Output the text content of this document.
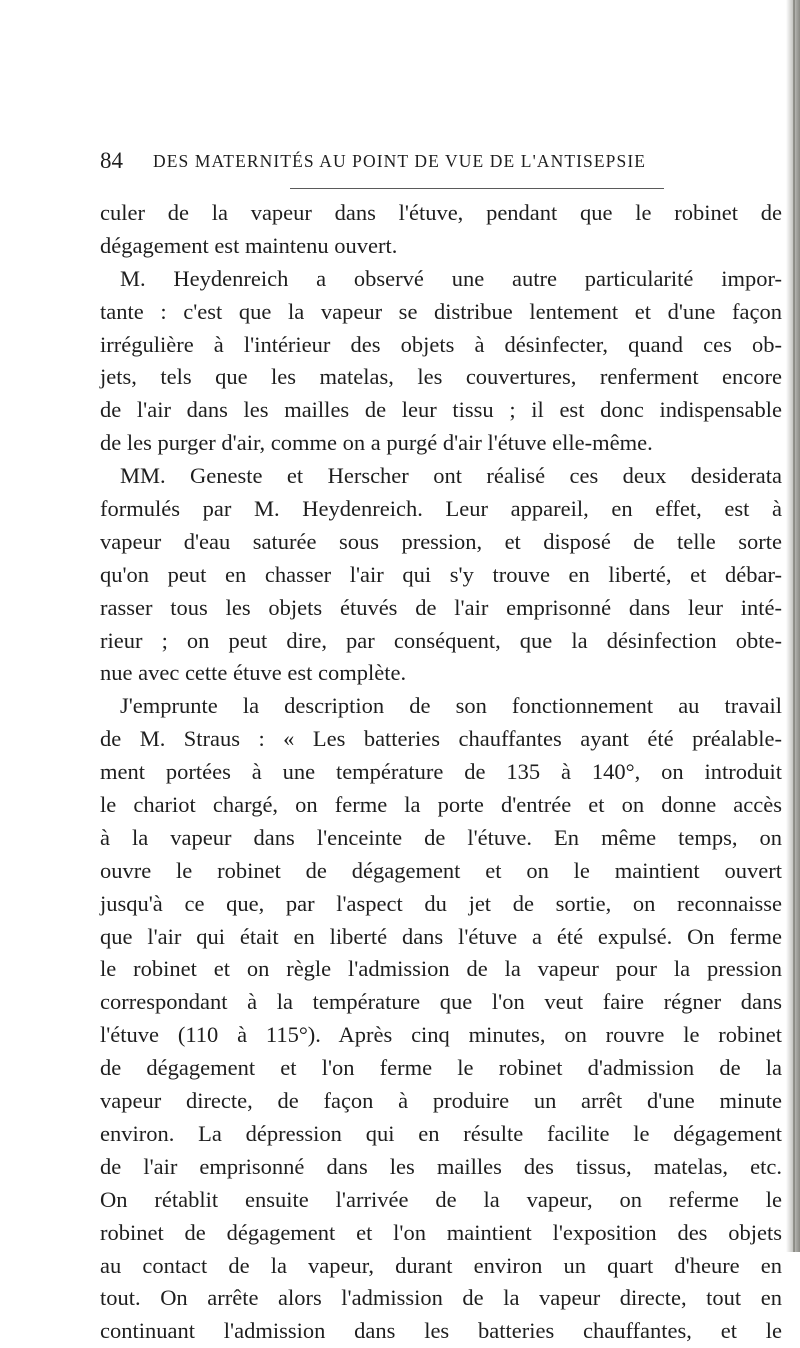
84 DES MATERNITÉS AU POINT DE VUE DE L'ANTISEPSIE
culer de la vapeur dans l'étuve, pendant que le robinet de
dégagement est maintenu ouvert.
M. Heydenreich a observé une autre particularité impor-
tante : c'est que la vapeur se distribue lentement et d'une façon
irrégulière à l'intérieur des objets à désinfecter, quand ces ob-
jets, tels que les matelas, les couvertures, renferment encore
de l'air dans les mailles de leur tissu ; il est donc indispensable
de les purger d'air, comme on a purgé d'air l'étuve elle-même.
MM. Geneste et Herscher ont réalisé ces deux desiderata
formulés par M. Heydenreich. Leur appareil, en effet, est à
vapeur d'eau saturée sous pression, et disposé de telle sorte
qu'on peut en chasser l'air qui s'y trouve en liberté, et débar-
rasser tous les objets étuvés de l'air emprisonné dans leur inté-
rieur ; on peut dire, par conséquent, que la désinfection obte-
nue avec cette étuve est complète.
J'emprunte la description de son fonctionnement au travail
de M. Straus : « Les batteries chauffantes ayant été préalable-
ment portées à une température de 135 à 140°, on introduit
le chariot chargé, on ferme la porte d'entrée et on donne accès
à la vapeur dans l'enceinte de l'étuve. En même temps, on
ouvre le robinet de dégagement et on le maintient ouvert
jusqu'à ce que, par l'aspect du jet de sortie, on reconnaisse
que l'air qui était en liberté dans l'étuve a été expulsé. On ferme
le robinet et on règle l'admission de la vapeur pour la pression
correspondant à la température que l'on veut faire régner dans
l'étuve (110 à 115°). Après cinq minutes, on rouvre le robinet
de dégagement et l'on ferme le robinet d'admission de la
vapeur directe, de façon à produire un arrêt d'une minute
environ. La dépression qui en résulte facilite le dégagement
de l'air emprisonné dans les mailles des tissus, matelas, etc.
On rétablit ensuite l'arrivée de la vapeur, on referme le
robinet de dégagement et l'on maintient l'exposition des objets
au contact de la vapeur, durant environ un quart d'heure en
tout. On arrête alors l'admission de la vapeur directe, tout en
continuant l'admission dans les batteries chauffantes, et le
